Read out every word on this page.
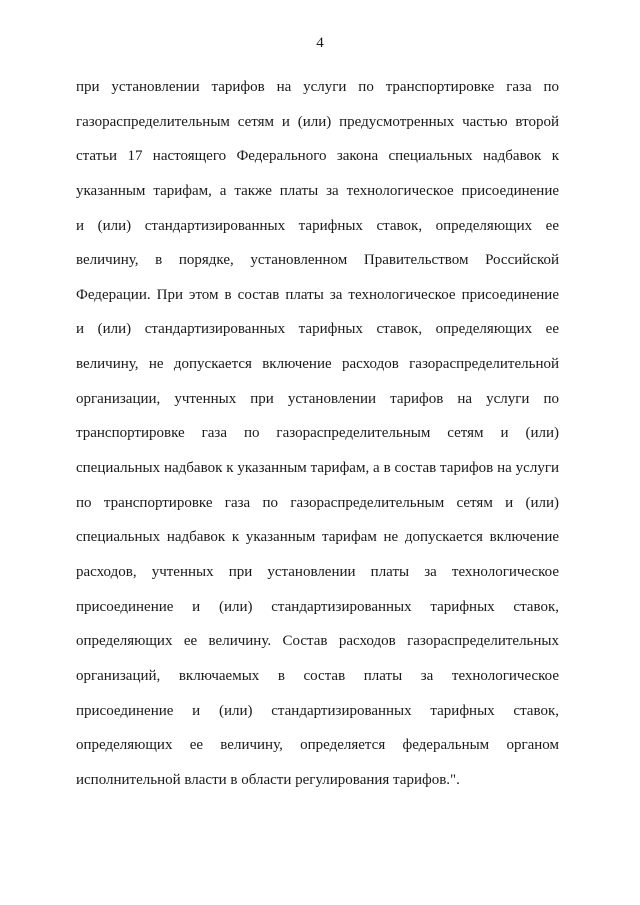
4
при установлении тарифов на услуги по транспортировке газа по
газораспределительным сетям и (или) предусмотренных частью второй
статьи 17 настоящего Федерального закона специальных надбавок к
указанным тарифам, а также платы за технологическое присоединение
и (или) стандартизированных тарифных ставок, определяющих ее
величину, в порядке, установленном Правительством Российской
Федерации. При этом в состав платы за технологическое присоединение
и (или) стандартизированных тарифных ставок, определяющих ее
величину, не допускается включение расходов газораспределительной
организации, учтенных при установлении тарифов на услуги по
транспортировке газа по газораспределительным сетям и (или)
специальных надбавок к указанным тарифам, а в состав тарифов на услуги
по транспортировке газа по газораспределительным сетям и (или)
специальных надбавок к указанным тарифам не допускается включение
расходов, учтенных при установлении платы за технологическое
присоединение и (или) стандартизированных тарифных ставок,
определяющих ее величину. Состав расходов газораспределительных
организаций, включаемых в состав платы за технологическое
присоединение и (или) стандартизированных тарифных ставок,
определяющих ее величину, определяется федеральным органом
исполнительной власти в области регулирования тарифов.".
